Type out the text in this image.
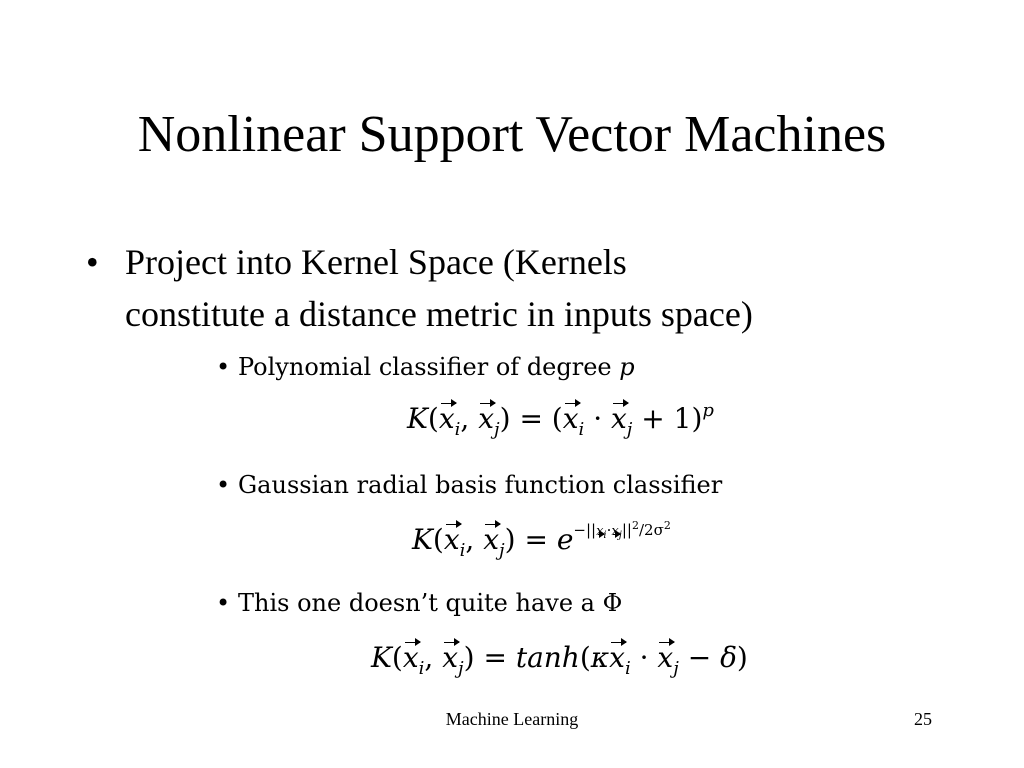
Nonlinear Support Vector Machines
• Project into Kernel Space (Kernels
constitute a distance metric in inputs space)
• Polynomial classifier of degree p
$K(x_i$, $x_j) = (x_i \cdot x_j + 1)^p$
• Gaussian radial basis function classifier
$K(x_i$, $x_j) = e^{-||x_i\cdot x_j||^2/2\sigma^2}$
• This one doesn’t quite have a Φ
$K(x_i$, $x_j) = \tanh(\kappa x_i \cdot x_j - \delta)$
Machine Learning	25
